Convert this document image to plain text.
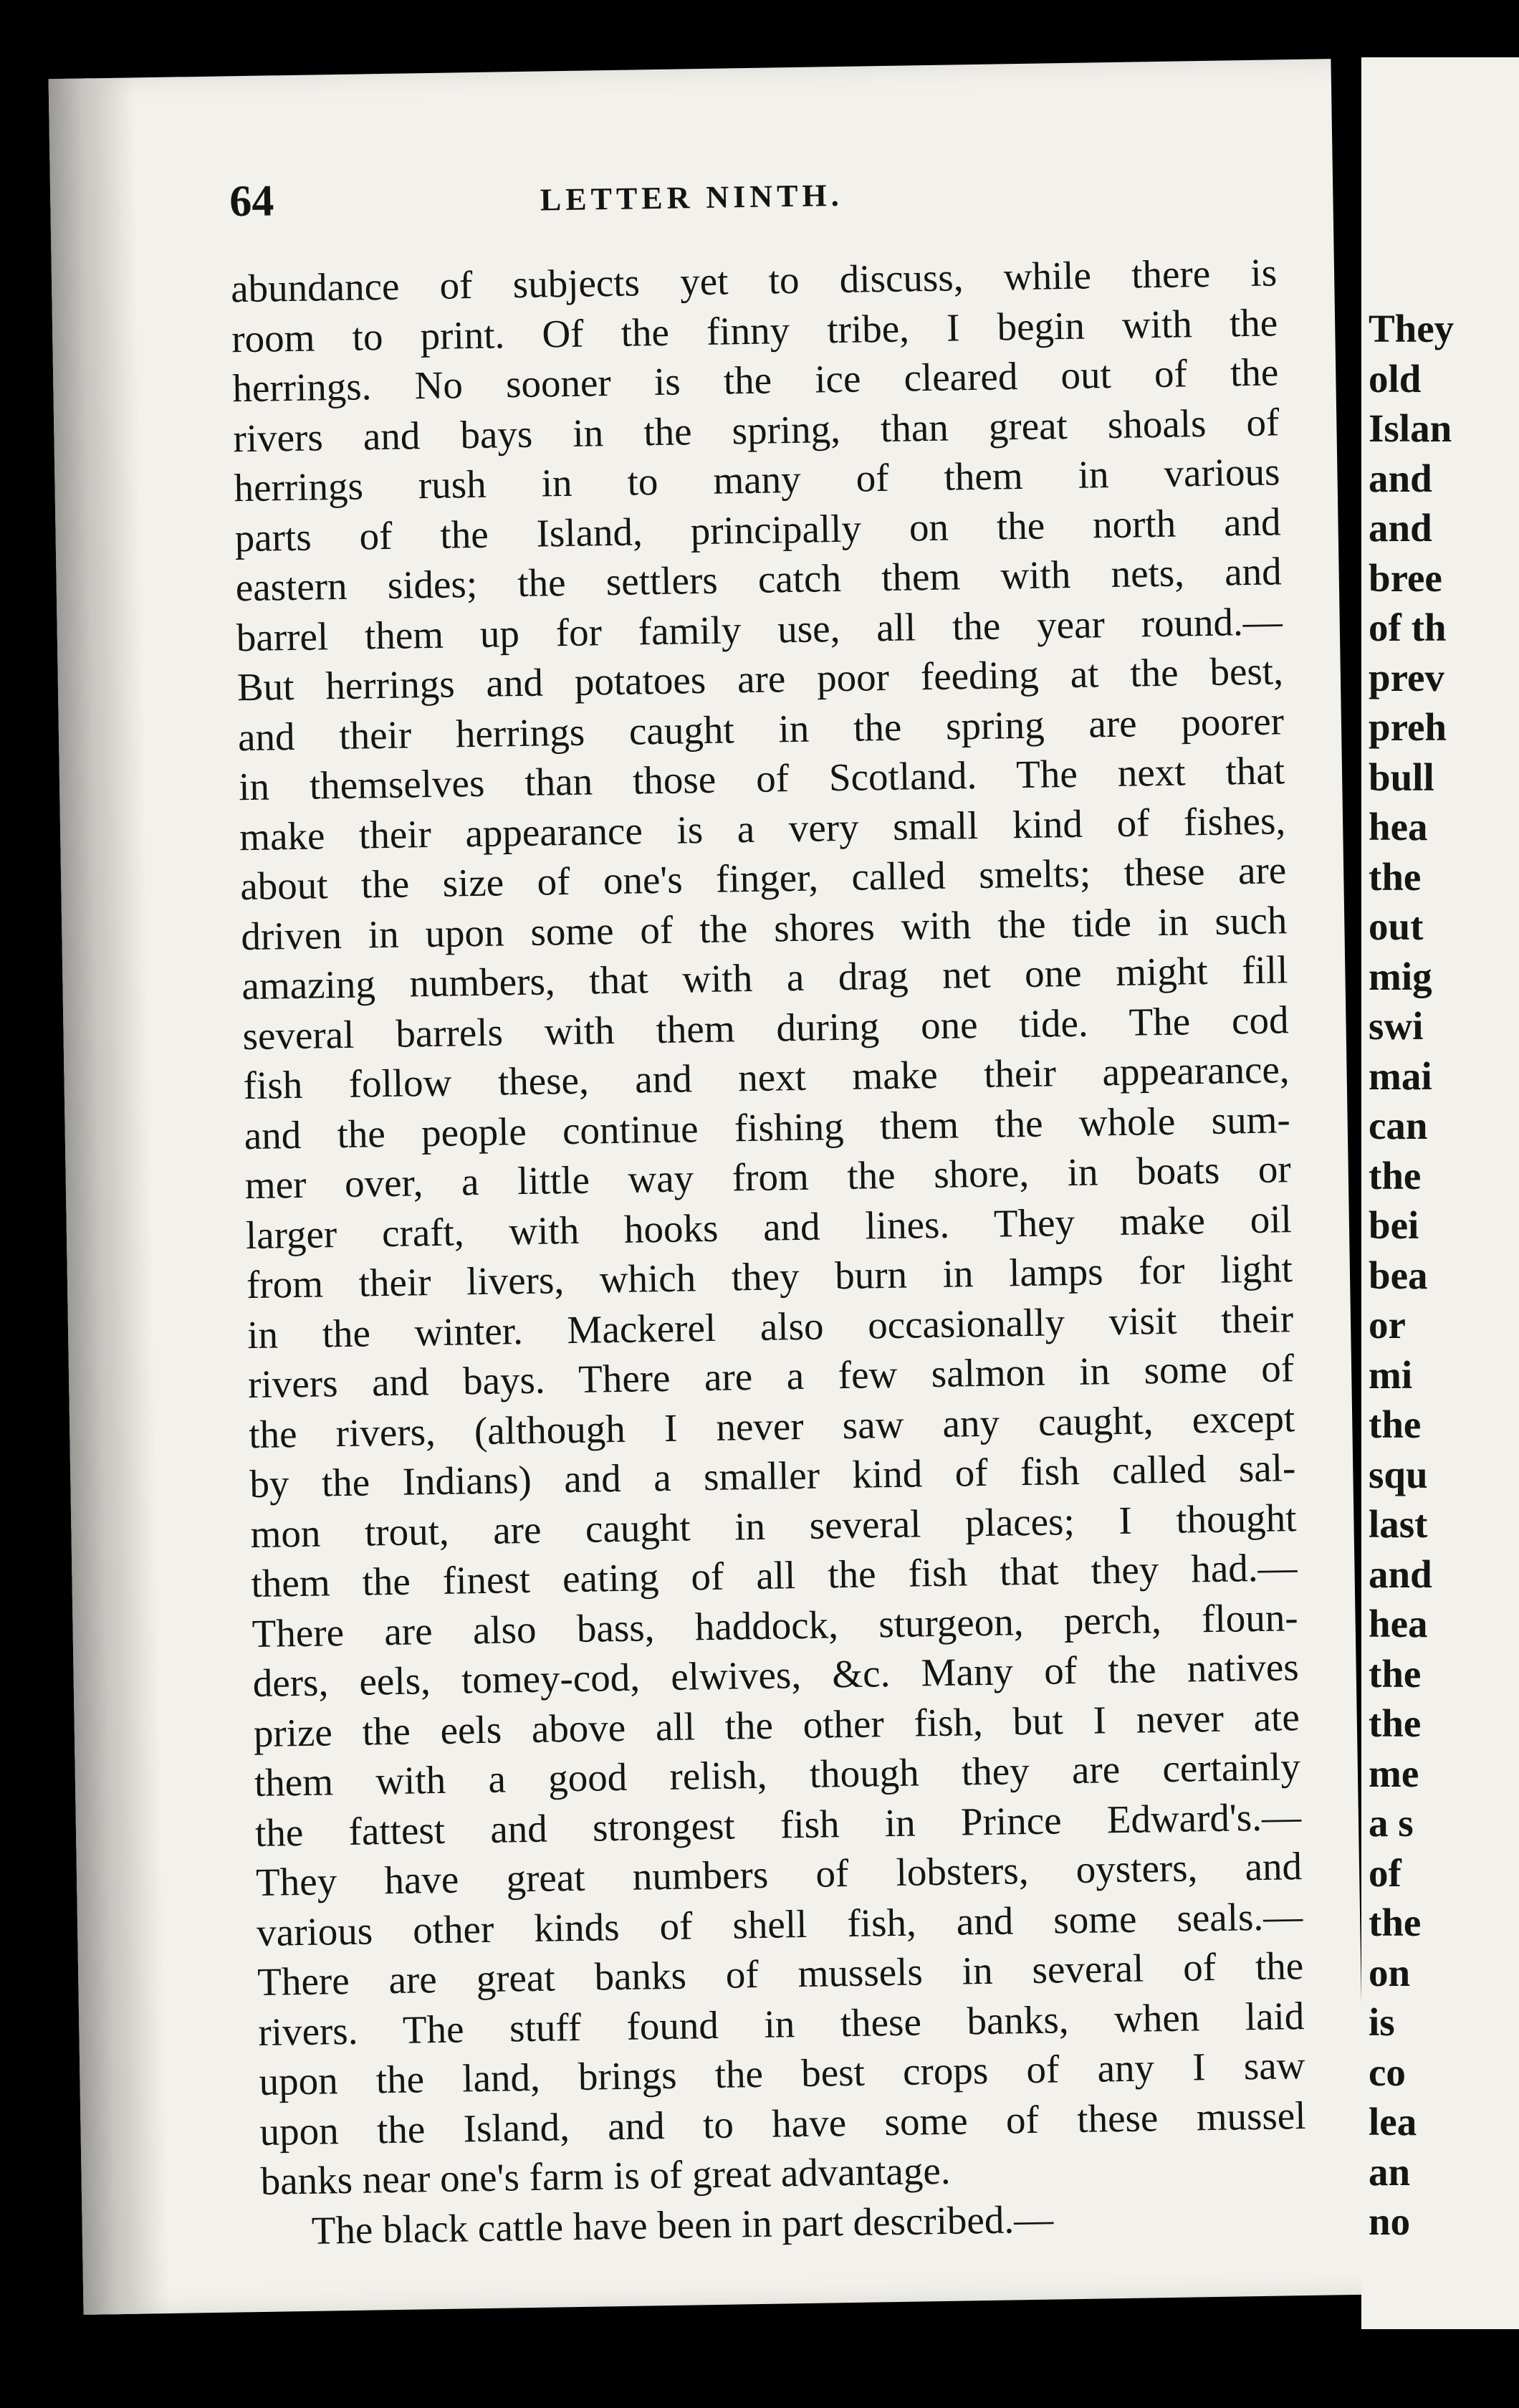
64	LETTER NINTH.
abundance of subjects yet to discuss, while there is
room to print. Of the finny tribe, I begin with the
herrings. No sooner is the ice cleared out of the
rivers and bays in the spring, than great shoals of
herrings rush in to many of them in various
parts of the Island, principally on the north and
eastern sides; the settlers catch them with nets, and
barrel them up for family use, all the year round.—
But herrings and potatoes are poor feeding at the best,
and their herrings caught in the spring are poorer
in themselves than those of Scotland. The next that
make their appearance is a very small kind of fishes,
about the size of one's finger, called smelts; these are
driven in upon some of the shores with the tide in such
amazing numbers, that with a drag net one might fill
several barrels with them during one tide. The cod
fish follow these, and next make their appearance,
and the people continue fishing them the whole sum-
mer over, a little way from the shore, in boats or
larger craft, with hooks and lines. They make oil
from their livers, which they burn in lamps for light
in the winter. Mackerel also occasionally visit their
rivers and bays. There are a few salmon in some of
the rivers, (although I never saw any caught, except
by the Indians) and a smaller kind of fish called sal-
mon trout, are caught in several places; I thought
them the finest eating of all the fish that they had.—
There are also bass, haddock, sturgeon, perch, floun-
ders, eels, tomey-cod, elwives, &c. Many of the natives
prize the eels above all the other fish, but I never ate
them with a good relish, though they are certainly
the fattest and strongest fish in Prince Edward's.—
They have great numbers of lobsters, oysters, and
various other kinds of shell fish, and some seals.—
There are great banks of mussels in several of the
rivers. The stuff found in these banks, when laid
upon the land, brings the best crops of any I saw
upon the Island, and to have some of these mussel
banks near one's farm is of great advantage.
The black cattle have been in part described.—
They
old
Islan
and
and
bree
of th
prev
preh
bull
hea
the
out
mig
swi
mai
can
the
bei
bea
or
mi
the
squ
last
and
hea
the
the
me
a s
of
the
on
is
co
lea
an
no
